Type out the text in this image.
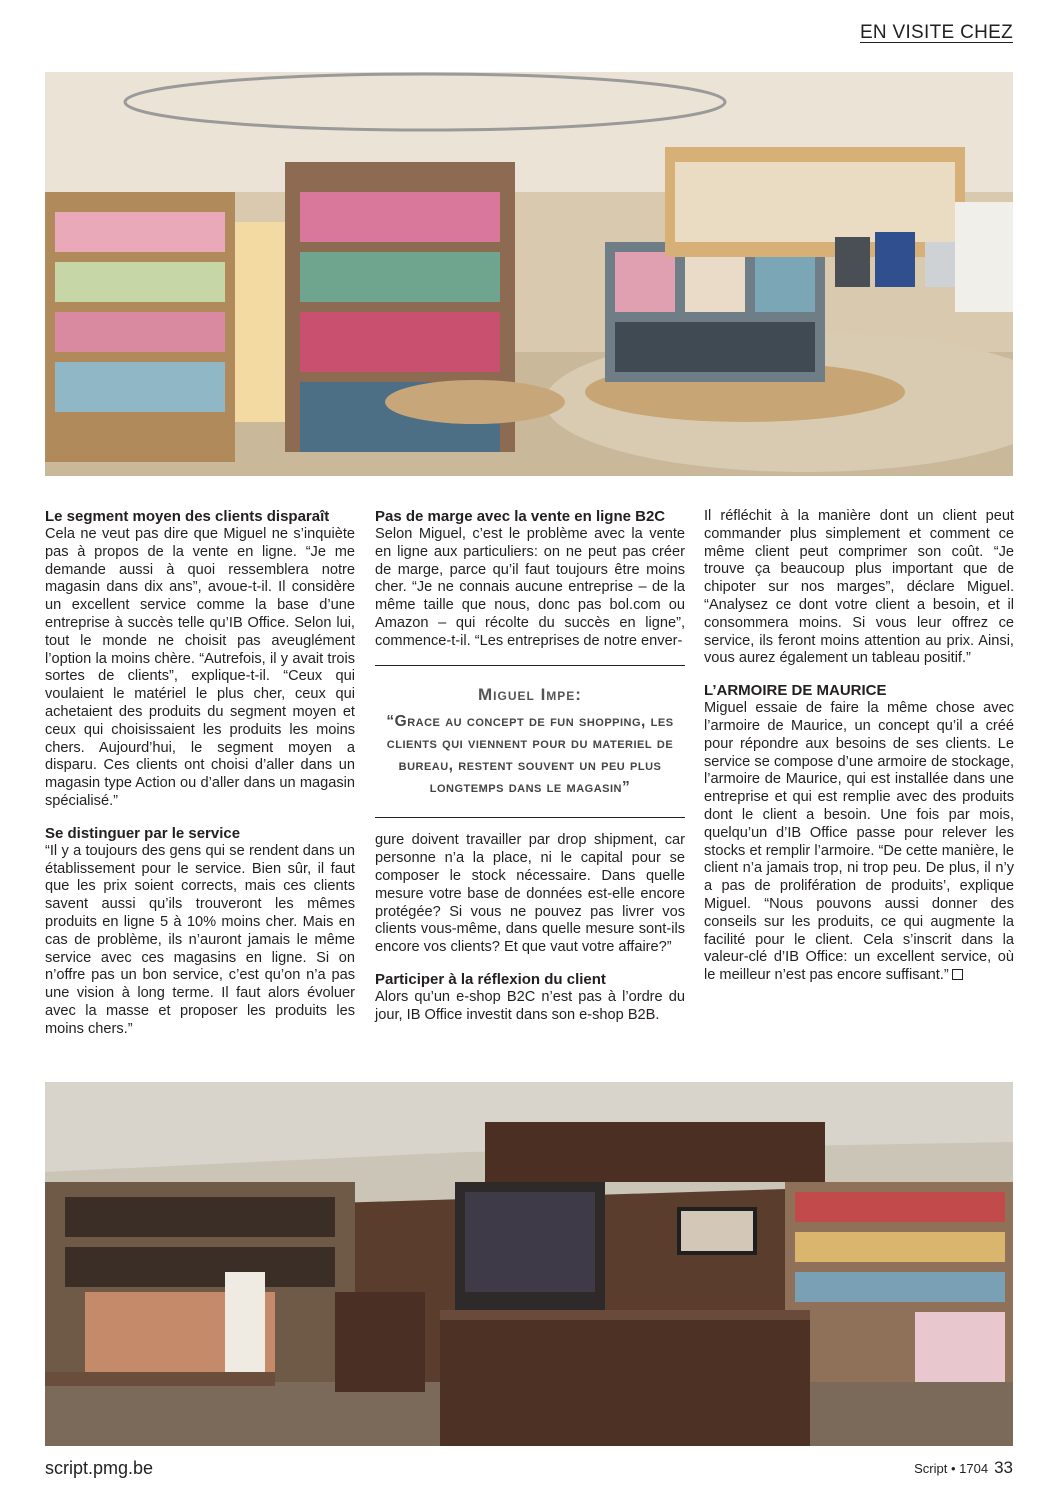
EN VISITE CHEZ
Le segment moyen des clients disparaît

Cela ne veut pas dire que Miguel ne s’inquiète pas à propos de la vente en ligne. “Je me demande aussi à quoi ressemblera notre magasin dans dix ans”, avoue-t-il. Il considère un excellent service comme la base d’une entreprise à succès telle qu’IB Office. Selon lui, tout le monde ne choisit pas aveuglément l’option la moins chère. “Autrefois, il y avait trois sortes de clients”, explique-t-il. “Ceux qui voulaient le matériel le plus cher, ceux qui achetaient des produits du segment moyen et ceux qui choisissaient les produits les moins chers. Aujourd’hui, le segment moyen a disparu. Ces clients ont choisi d’aller dans un magasin type Action ou d’aller dans un magasin spécialisé.”

Se distinguer par le service

“Il y a toujours des gens qui se rendent dans un établissement pour le service. Bien sûr, il faut que les prix soient corrects, mais ces clients savent aussi qu’ils trouveront les mêmes produits en ligne 5 à 10% moins cher. Mais en cas de problème, ils n’auront jamais le même service avec ces magasins en ligne. Si on n’offre pas un bon service, c’est qu’on n’a pas une vision à long terme. Il faut alors évoluer avec la masse et proposer les produits les moins chers.”

Pas de marge avec la vente en ligne B2C

Selon Miguel, c’est le problème avec la vente en ligne aux particuliers: on ne peut pas créer de marge, parce qu’il faut toujours être moins cher. “Je ne connais aucune entreprise – de la même taille que nous, donc pas bol.com ou Amazon – qui récolte du succès en ligne”, commence-t-il. “Les entreprises de notre enver-

Miguel Impe:
“Grace au concept de fun shopping, les clients qui viennent pour du materiel de bureau, restent souvent un peu plus longtemps dans le magasin”

gure doivent travailler par drop shipment, car personne n’a la place, ni le capital pour se composer le stock nécessaire. Dans quelle mesure votre base de données est-elle encore protégée? Si vous ne pouvez pas livrer vos clients vous-même, dans quelle mesure sont-ils encore vos clients? Et que vaut votre affaire?”

Participer à la réflexion du client

Alors qu’un e-shop B2C n’est pas à l’ordre du jour, IB Office investit dans son e-shop B2B.

Il réfléchit à la manière dont un client peut commander plus simplement et comment ce même client peut comprimer son coût. “Je trouve ça beaucoup plus important que de chipoter sur nos marges”, déclare Miguel. “Analysez ce dont votre client a besoin, et il consommera moins. Si vous leur offrez ce service, ils feront moins attention au prix. Ainsi, vous aurez également un tableau positif.”

L’ARMOIRE DE MAURICE

Miguel essaie de faire la même chose avec l’armoire de Maurice, un concept qu’il a créé pour répondre aux besoins de ses clients. Le service se compose d’une armoire de stockage, l’armoire de Maurice, qui est installée dans une entreprise et qui est remplie avec des produits dont le client a besoin. Une fois par mois, quelqu’un d’IB Office passe pour relever les stocks et remplir l’armoire. “De cette manière, le client n’a jamais trop, ni trop peu. De plus, il n’y a pas de prolifération de produits’, explique Miguel. “Nous pouvons aussi donner des conseils sur les produits, ce qui augmente la facilité pour le client. Cela s’inscrit dans la valeur-clé d’IB Office: un excellent service, où le meilleur n’est pas encore suffisant.”

script.pmg.be	Script • 1704 33
